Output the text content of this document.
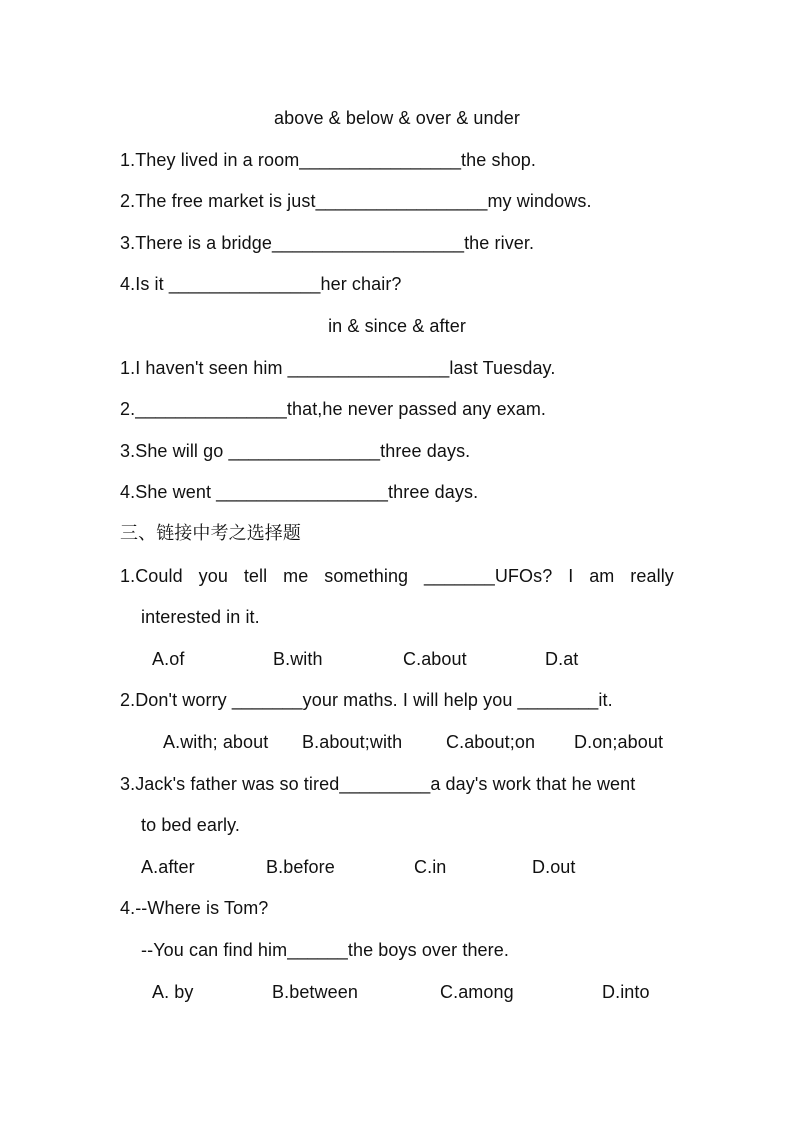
above & below & over & under
1.They lived in a room________________the shop.
2.The free market is just_________________my windows.
3.There is a bridge___________________the river.
4.Is it _______________her chair?
in & since & after
1.I haven't seen him ________________last Tuesday.
2._______________that,he never passed any exam.
3.She will go _______________three days.
4.She went _________________three days.
三、链接中考之选择题
1.Could you tell me something _______UFOs? I am really
interested in it.
A.of	B.with	C.about	D.at
2.Don't worry _______your maths. I will help you ________it.
A.with; about B.about;with C.about;on D.on;about
3.Jack's father was so tired_________a day's work that he went
to bed early.
A.after	B.before	C.in	D.out
4.--Where is Tom?
--You can find him______the boys over there.
A. by	B.between	C.among	D.into
